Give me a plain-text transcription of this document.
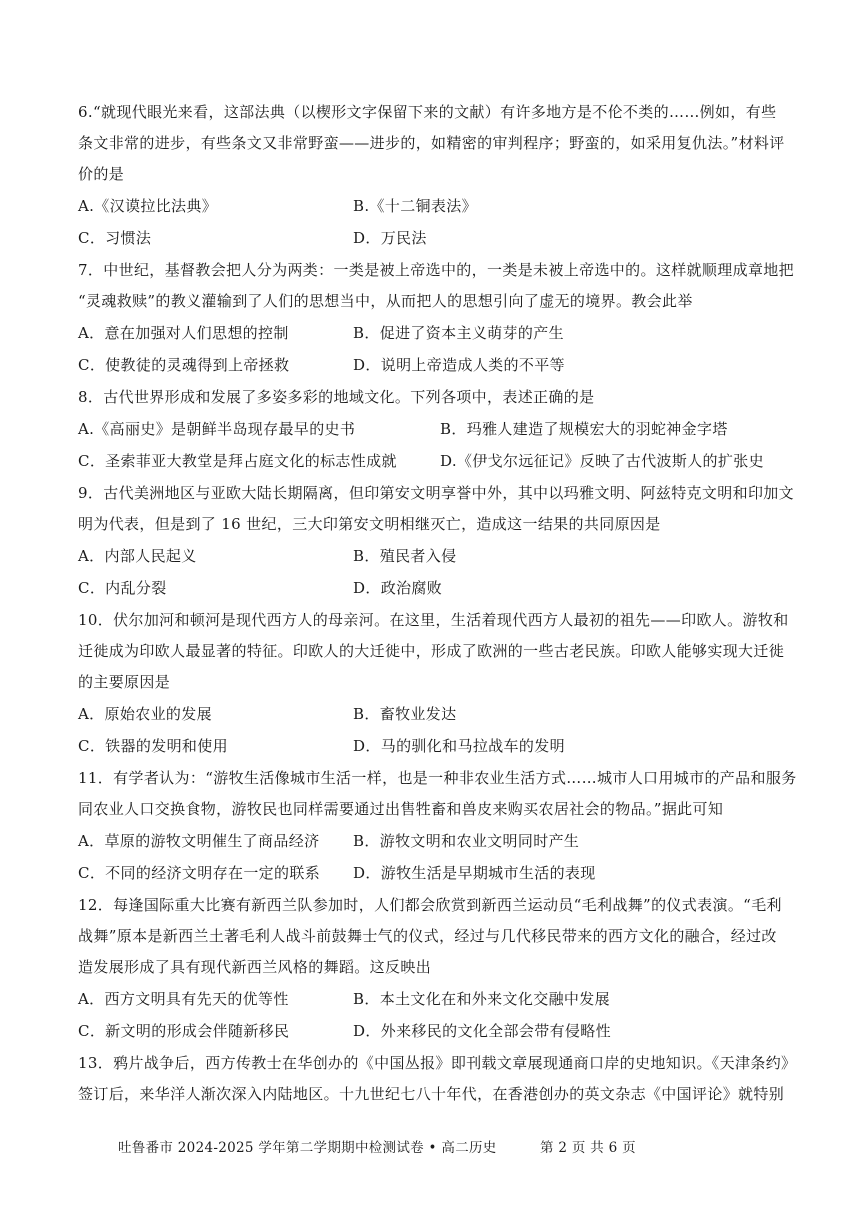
6.“就现代眼光来看，这部法典（以楔形文字保留下来的文献）有许多地方是不伦不类的……例如，有些
条文非常的进步，有些条文又非常野蛮——进步的，如精密的审判程序；野蛮的，如采用复仇法。”材料评
价的是
A.《汉谟拉比法典》	B.《十二铜表法》
C．习惯法	D．万民法
7．中世纪，基督教会把人分为两类：一类是被上帝选中的，一类是未被上帝选中的。这样就顺理成章地把
“灵魂救赎”的教义灌输到了人们的思想当中，从而把人的思想引向了虚无的境界。教会此举
A．意在加强对人们思想的控制	B．促进了资本主义萌芽的产生
C．使教徒的灵魂得到上帝拯救	D．说明上帝造成人类的不平等
8．古代世界形成和发展了多姿多彩的地域文化。下列各项中，表述正确的是
A.《高丽史》是朝鲜半岛现存最早的史书	B．玛雅人建造了规模宏大的羽蛇神金字塔
C．圣索菲亚大教堂是拜占庭文化的标志性成就	D.《伊戈尔远征记》反映了古代波斯人的扩张史
9．古代美洲地区与亚欧大陆长期隔离，但印第安文明享誉中外，其中以玛雅文明、阿兹特克文明和印加文
明为代表，但是到了 16 世纪，三大印第安文明相继灭亡，造成这一结果的共同原因是
A．内部人民起义	B．殖民者入侵
C．内乱分裂	D．政治腐败
10．伏尔加河和顿河是现代西方人的母亲河。在这里，生活着现代西方人最初的祖先——印欧人。游牧和
迁徙成为印欧人最显著的特征。印欧人的大迁徙中，形成了欧洲的一些古老民族。印欧人能够实现大迁徙
的主要原因是
A．原始农业的发展	B．畜牧业发达
C．铁器的发明和使用	D．马的驯化和马拉战车的发明
11．有学者认为：“游牧生活像城市生活一样，也是一种非农业生活方式……城市人口用城市的产品和服务
同农业人口交换食物，游牧民也同样需要通过出售牲畜和兽皮来购买农居社会的物品。”据此可知
A．草原的游牧文明催生了商品经济 B．游牧文明和农业文明同时产生
C．不同的经济文明存在一定的联系 D．游牧生活是早期城市生活的表现
12．每逢国际重大比赛有新西兰队参加时，人们都会欣赏到新西兰运动员“毛利战舞”的仪式表演。“毛利
战舞”原本是新西兰土著毛利人战斗前鼓舞士气的仪式，经过与几代移民带来的西方文化的融合，经过改
造发展形成了具有现代新西兰风格的舞蹈。这反映出
A．西方文明具有先天的优等性	B．本土文化在和外来文化交融中发展
C．新文明的形成会伴随新移民	D．外来移民的文化全部会带有侵略性
13．鸦片战争后，西方传教士在华创办的《中国丛报》即刊载文章展现通商口岸的史地知识。《天津条约》
签订后，来华洋人渐次深入内陆地区。十九世纪七八十年代，在香港创办的英文杂志《中国评论》就特别
吐鲁番市 2024-2025 学年第二学期期中检测试卷 • 高二历史	第 2 页 共 6 页
